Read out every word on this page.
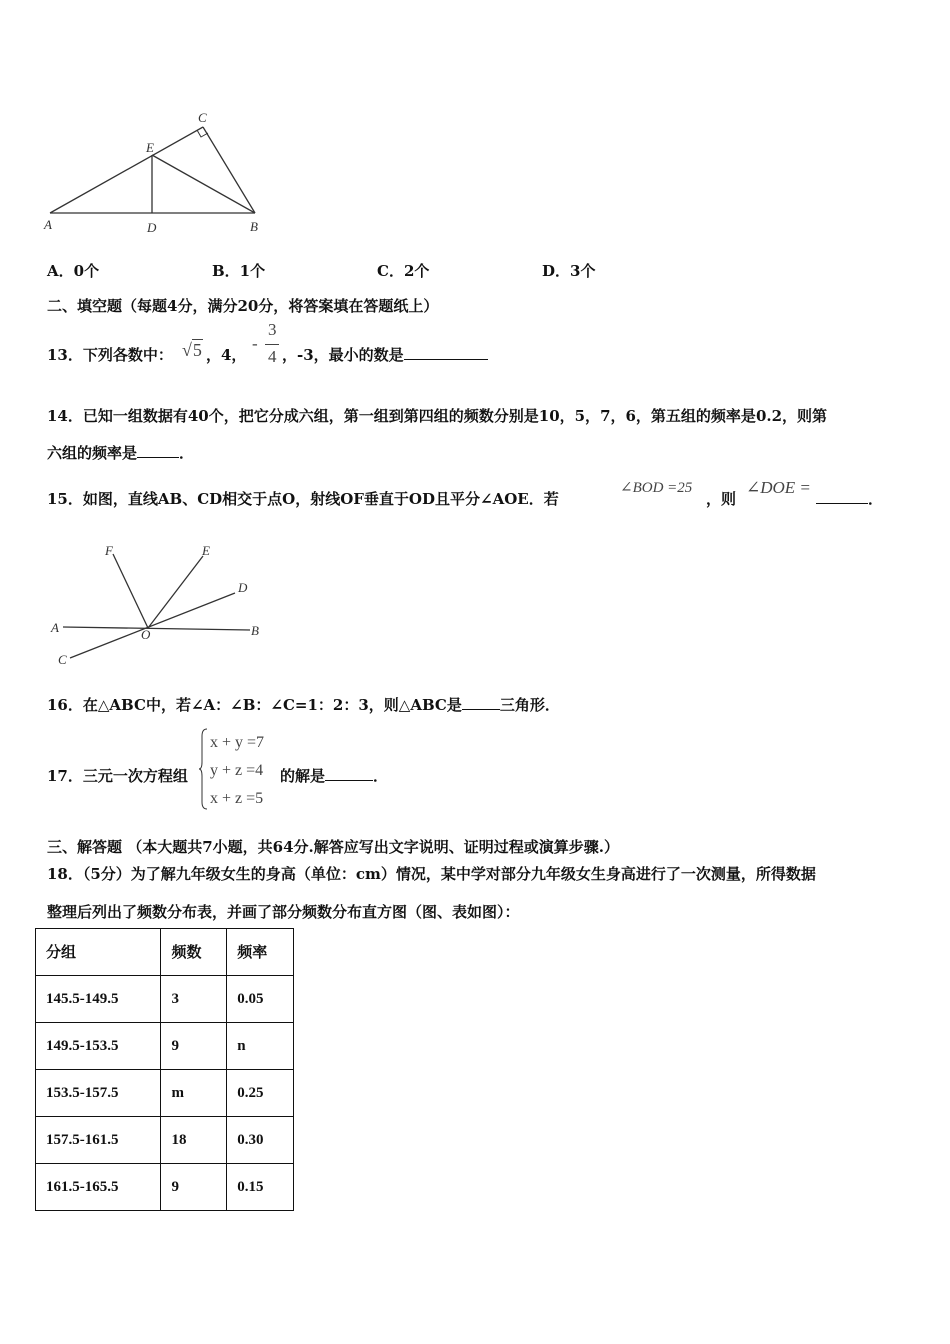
A	D	B
E
C
A．0个	B．1个	C．2个	D．3个
二、填空题（每题4分，满分20分，将答案填在答题纸上）
13．下列各数中： √5 ，4，
-
3
4 ，-3，最小的数是
14．已知一组数据有40个，把它分成六组，第一组到第四组的频数分别是10，5，7，6，第五组的频率是0.2，则第
六组的频率是	．
15．如图，直线AB、CD相交于点O，射线OF垂直于OD且平分∠AOE．若
∠BOD =25
，则
∠DOE =
．
A	B
C
D
E
F
O
16．在△ABC中，若∠A：∠B：∠C=1：2：3，则△ABC是	三角形．
17．三元一次方程组
x + y =7
y + z =4
x + z =5
的解是	．
三、解答题 （本大题共7小题，共64分.解答应写出文字说明、证明过程或演算步骤.）
18．（5分）为了解九年级女生的身高（单位：cm）情况，某中学对部分九年级女生身高进行了一次测量，所得数据
整理后列出了频数分布表，并画了部分频数分布直方图（图、表如图）：
分组	频数	频率
145.5-149.5	3	0.05
149.5-153.5	9	n
153.5-157.5	m	0.25
157.5-161.5	18	0.30
161.5-165.5	9	0.15
